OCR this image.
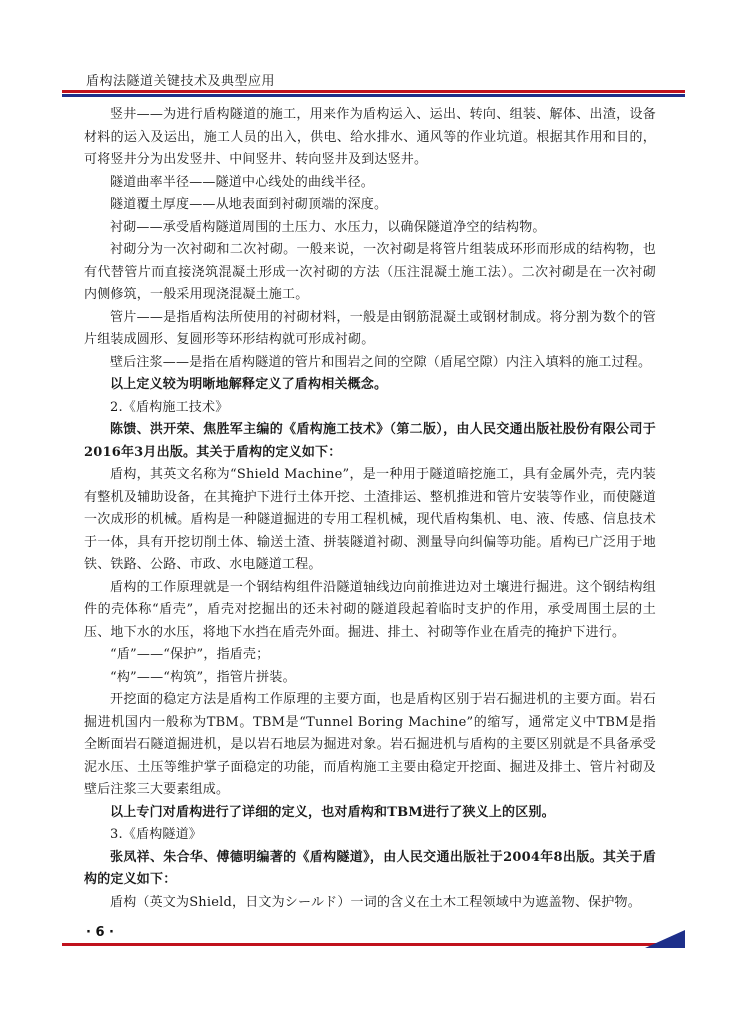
盾构法隧道关键技术及典型应用

竖井——为进行盾构隧道的施工，用来作为盾构运入、运出、转向、组装、解体、出渣，设备材料的运入及运出，施工人员的出入，供电、给水排水、通风等的作业坑道。根据其作用和目的，可将竖井分为出发竖井、中间竖井、转向竖井及到达竖井。

隧道曲率半径——隧道中心线处的曲线半径。

隧道覆土厚度——从地表面到衬砌顶端的深度。

衬砌——承受盾构隧道周围的土压力、水压力，以确保隧道净空的结构物。

衬砌分为一次衬砌和二次衬砌。一般来说，一次衬砌是将管片组装成环形而形成的结构物，也有代替管片而直接浇筑混凝土形成一次衬砌的方法（压注混凝土施工法）。二次衬砌是在一次衬砌内侧修筑，一般采用现浇混凝土施工。

管片——是指盾构法所使用的衬砌材料，一般是由钢筋混凝土或钢材制成。将分割为数个的管片组装成圆形、复圆形等环形结构就可形成衬砌。

壁后注浆——是指在盾构隧道的管片和围岩之间的空隙（盾尾空隙）内注入填料的施工过程。

以上定义较为明晰地解释定义了盾构相关概念。

2.《盾构施工技术》

陈馈、洪开荣、焦胜军主编的《盾构施工技术》（第二版），由人民交通出版社股份有限公司于2016年3月出版。其关于盾构的定义如下：

盾构，其英文名称为“Shield Machine”，是一种用于隧道暗挖施工，具有金属外壳，壳内装有整机及辅助设备，在其掩护下进行土体开挖、土渣排运、整机推进和管片安装等作业，而使隧道一次成形的机械。盾构是一种隧道掘进的专用工程机械，现代盾构集机、电、液、传感、信息技术于一体，具有开挖切削土体、输送土渣、拼装隧道衬砌、测量导向纠偏等功能。盾构已广泛用于地铁、铁路、公路、市政、水电隧道工程。

盾构的工作原理就是一个钢结构组件沿隧道轴线边向前推进边对土壤进行掘进。这个钢结构组件的壳体称“盾壳”，盾壳对挖掘出的还未衬砌的隧道段起着临时支护的作用，承受周围土层的土压、地下水的水压，将地下水挡在盾壳外面。掘进、排土、衬砌等作业在盾壳的掩护下进行。

“盾”——“保护”，指盾壳；

“构”——“构筑”，指管片拼装。

开挖面的稳定方法是盾构工作原理的主要方面，也是盾构区别于岩石掘进机的主要方面。岩石掘进机国内一般称为TBM。TBM是“Tunnel Boring Machine”的缩写，通常定义中TBM是指全断面岩石隧道掘进机，是以岩石地层为掘进对象。岩石掘进机与盾构的主要区别就是不具备承受泥水压、土压等维护掌子面稳定的功能，而盾构施工主要由稳定开挖面、掘进及排土、管片衬砌及壁后注浆三大要素组成。

以上专门对盾构进行了详细的定义，也对盾构和TBM进行了狭义上的区别。

3.《盾构隧道》

张凤祥、朱合华、傅德明编著的《盾构隧道》，由人民交通出版社于2004年8出版。其关于盾构的定义如下：

盾构（英文为Shield，日文为シールド）一词的含义在土木工程领域中为遮盖物、保护物。

· 6 ·
